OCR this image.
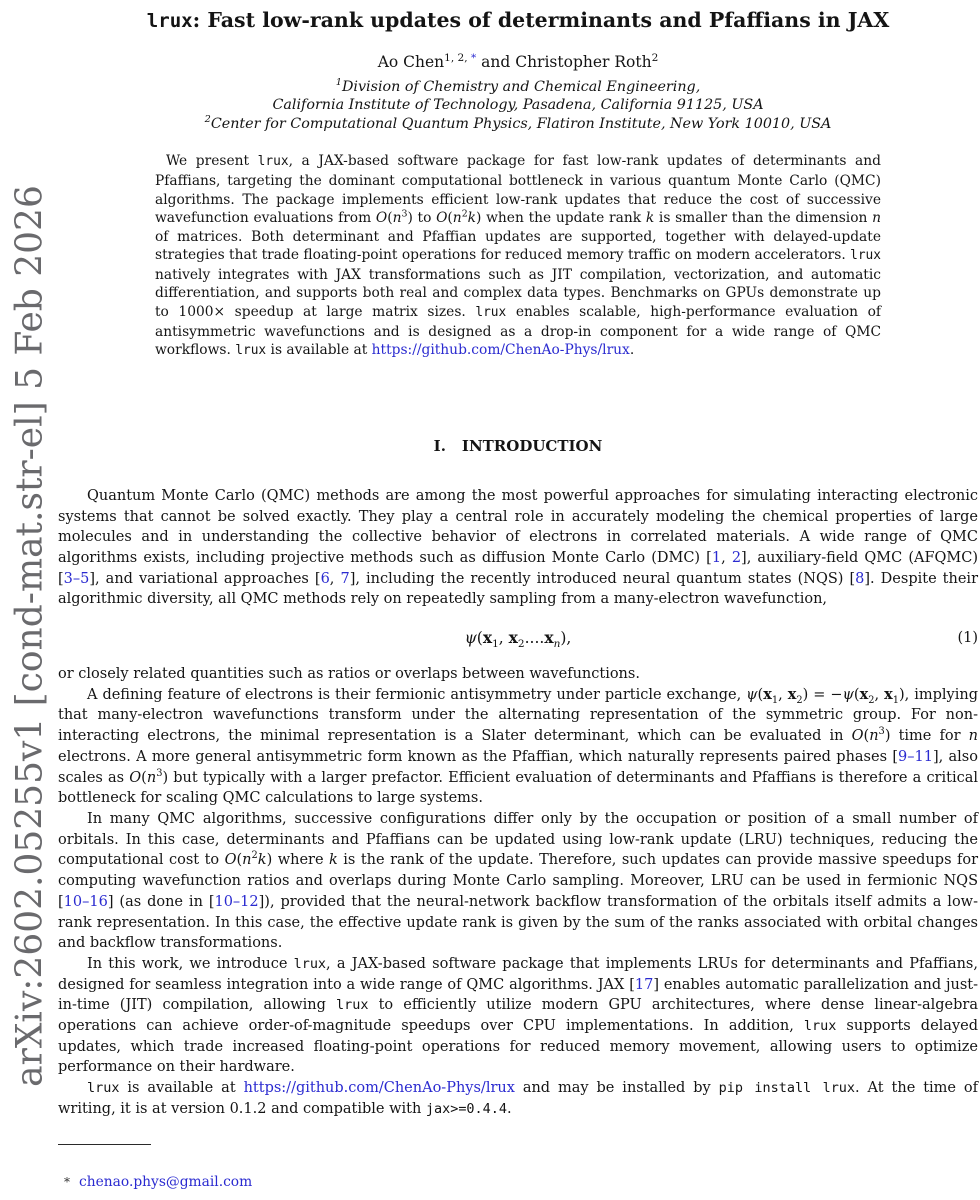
arXiv:2602.05255v1 [cond-mat.str-el] 5 Feb 2026
lrux: Fast low-rank updates of determinants and Pfaffians in JAX
Ao Chen$^{1, 2,}$ * and Christopher Roth$^2$
$^1$Division of Chemistry and Chemical Engineering,
California Institute of Technology, Pasadena, California 91125, USA
$^2$Center for Computational Quantum Physics, Flatiron Institute, New York 10010, USA
We present lrux, a JAX-based software package for fast low-rank updates of determinants and Pfaffians, targeting the dominant computational bottleneck in various quantum Monte Carlo (QMC) algorithms. The package implements efficient low-rank updates that reduce the cost of successive wavefunction evaluations from $O(n^3)$ to $O(n^2k)$ when the update rank k is smaller than the dimension n of matrices. Both determinant and Pfaffian updates are supported, together with delayed-update strategies that trade floating-point operations for reduced memory traffic on modern accelerators. lrux natively integrates with JAX transformations such as JIT compilation, vectorization, and automatic differentiation, and supports both real and complex data types. Benchmarks on GPUs demonstrate up to 1000× speedup at large matrix sizes. lrux enables scalable, high-performance evaluation of antisymmetric wavefunctions and is designed as a drop-in component for a wide range of QMC workflows. lrux is available at https://github.com/ChenAo-Phys/lrux.
I. INTRODUCTION

Quantum Monte Carlo (QMC) methods are among the most powerful approaches for simulating interacting electronic systems that cannot be solved exactly. They play a central role in accurately modeling the chemical properties of large molecules and in understanding the collective behavior of electrons in correlated materials. A wide range of QMC algorithms exists, including projective methods such as diffusion Monte Carlo (DMC) [1, 2], auxiliary-field QMC (AFQMC) [3–5], and variational approaches [6, 7], including the recently introduced neural quantum states (NQS) [8]. Despite their algorithmic diversity, all QMC methods rely on repeatedly sampling from a many-electron wavefunction,

$\psi(x_1$, $x_2....x_n$),	(1)

or closely related quantities such as ratios or overlaps between wavefunctions.

A defining feature of electrons is their fermionic antisymmetry under particle exchange, $\psi(x_1$, $x_2) = -\psi(x_2$, $x_1$), implying that many-electron wavefunctions transform under the alternating representation of the symmetric group. For non-interacting electrons, the minimal representation is a Slater determinant, which can be evaluated in $O(n^3)$ time for n electrons. A more general antisymmetric form known as the Pfaffian, which naturally represents paired phases [9–11], also scales as $O(n^3)$ but typically with a larger prefactor. Efficient evaluation of determinants and Pfaffians is therefore a critical bottleneck for scaling QMC calculations to large systems.

In many QMC algorithms, successive configurations differ only by the occupation or position of a small number of orbitals. In this case, determinants and Pfaffians can be updated using low-rank update (LRU) techniques, reducing the computational cost to $O(n^2k)$ where k is the rank of the update. Therefore, such updates can provide massive speedups for computing wavefunction ratios and overlaps during Monte Carlo sampling. Moreover, LRU can be used in fermionic NQS [10–16] (as done in [10–12]), provided that the neural-network backflow transformation of the orbitals itself admits a low-rank representation. In this case, the effective update rank is given by the sum of the ranks associated with orbital changes and backflow transformations.

In this work, we introduce lrux, a JAX-based software package that implements LRUs for determinants and Pfaffians, designed for seamless integration into a wide range of QMC algorithms. JAX [17] enables automatic parallelization and just-in-time (JIT) compilation, allowing lrux to efficiently utilize modern GPU architectures, where dense linear-algebra operations can achieve order-of-magnitude speedups over CPU implementations. In addition, lrux supports delayed updates, which trade increased floating-point operations for reduced memory movement, allowing users to optimize performance on their hardware.

lrux is available at https://github.com/ChenAo-Phys/lrux and may be installed by pip install lrux. At the time of writing, it is at version 0.1.2 and compatible with jax>=0.4.4.

* chenao.phys@gmail.com
